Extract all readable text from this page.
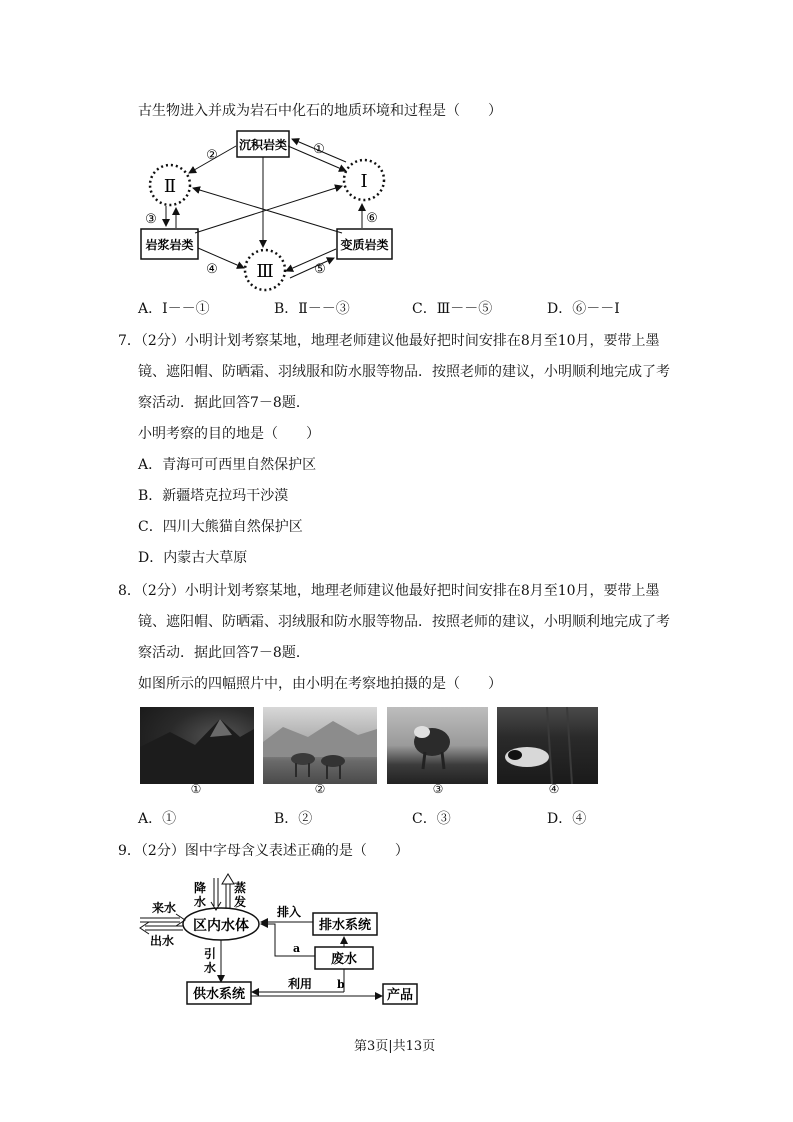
古生物进入并成为岩石中化石的地质环境和过程是（　　）
沉积岩类
岩浆岩类	变质岩类
Ⅰ
Ⅱ
Ⅲ
①
②
③
④	⑤
⑥
A．Ⅰ－－①	B．Ⅱ－－③	C．Ⅲ－－⑤	D．⑥－－Ⅰ
7．（2分）小明计划考察某地，地理老师建议他最好把时间安排在8月至10月，要带上墨
镜、遮阳帽、防晒霜、羽绒服和防水服等物品．按照老师的建议，小明顺利地完成了考
察活动．据此回答7－8题．
小明考察的目的地是（　　）
A．青海可可西里自然保护区
B．新疆塔克拉玛干沙漠
C．四川大熊猫自然保护区
D．内蒙古大草原
8．（2分）小明计划考察某地，地理老师建议他最好把时间安排在8月至10月，要带上墨
镜、遮阳帽、防晒霜、羽绒服和防水服等物品．按照老师的建议，小明顺利地完成了考
察活动．据此回答7－8题．
如图所示的四幅照片中，由小明在考察地拍摄的是（　　）
①	②	③	④
A．①	B．②	C．③	D．④
9．（2分）图中字母含义表述正确的是（　　）
区内水体
来水
出水
降
水
蒸
发
排水系统
排入
废水
a
引
水
供水系统
利用 b
产品
第3页|共13页
